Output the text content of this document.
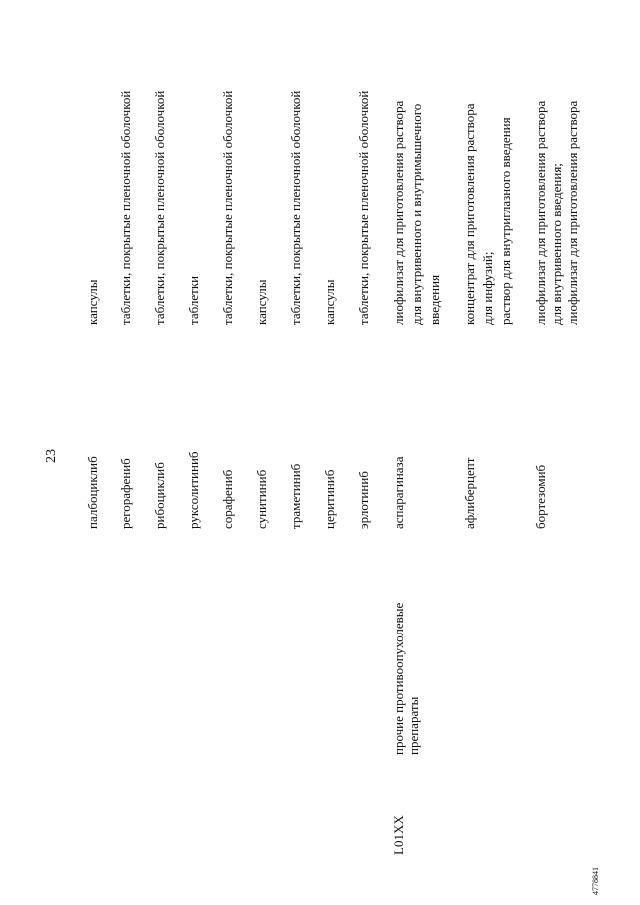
23
4778841
L01XX
прочие противоопухолевые препараты
палбоциклиб
капсулы
регорафениб
таблетки, покрытые пленочной оболочкой
рибоциклиб
таблетки, покрытые пленочной оболочкой
руксолитиниб
таблетки
сорафениб
таблетки, покрытые пленочной оболочкой
сунитиниб
капсулы
траметиниб
таблетки, покрытые пленочной оболочкой
церитиниб
капсулы
эрлотиниб
таблетки, покрытые пленочной оболочкой
аспарагиназа
лиофилизат для приготовления раствора для внутривенного и внутримышечного введения
афлиберцепт
концентрат для приготовления раствора для инфузий; раствор для внутриглазного введения
бортезомиб
лиофилизат для приготовления раствора для внутривенного введения; лиофилизат для приготовления раствора
